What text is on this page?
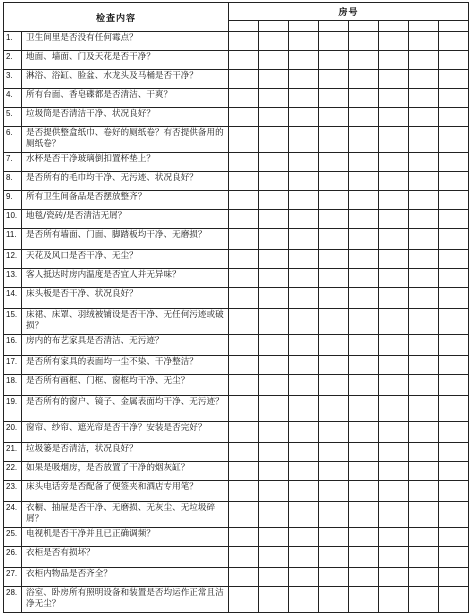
检查内容		房号							

1.	卫生间里是否没有任何霉点？								
2.	地面、墙面、门及天花是否干净？								
3.	淋浴、浴缸、脸盆、水龙头及马桶是否干净？								
4.	所有台面、香皂碟都是否清洁、干爽？								
5.	垃圾筒是否清洁干净、状况良好？								
6.	是否提供整盒纸巾、卷好的厕纸卷？有否提供备用的厕纸卷？								
7.	水杯是否干净玻璃倒扣置杯垫上？								
8.	是否所有的毛巾均干净、无污迹、状况良好？								
9.	所有卫生间备品是否摆放整齐？								
10.	地毯/瓷砖/是否清洁无屑？								
11.	是否所有墙面、门面、脚踏板均干净、无磨损？								
12.	天花及风口是否干净、无尘？								
13.	客人抵达时房内温度是否宜人并无异味？								
14.	床头板是否干净、状况良好？								
15.	床裙、床罩、羽绒被铺设是否干净、无任何污迹或破损？								
16.	房内的布艺家具是否清洁、无污迹？								
17.	是否所有家具的表面均一尘不染、干净整洁？								
18.	是否所有画框、门框、窗框均干净、无尘？								
19.	是否所有的窗户、镜子、金属表面均干净、无污迹？								
20.	窗帘、纱帘、遮光帘是否干净？安装是否完好？								
21.	垃圾篓是否清洁，状况良好？								
22.	如果是吸烟房，是否放置了干净的烟灰缸？								
23.	床头电话旁是否配备了便签夹和酒店专用笔？								
24.	衣橱、抽屉是否干净、无磨损、无灰尘、无垃圾碎屑？								
25.	电视机是否干净并且已正确调频？								
26.	衣柜是否有损坏？								
27.	衣柜内物品是否齐全？								
28.	浴室、卧房所有照明设备和装置是否均运作正常且洁净无尘？								
